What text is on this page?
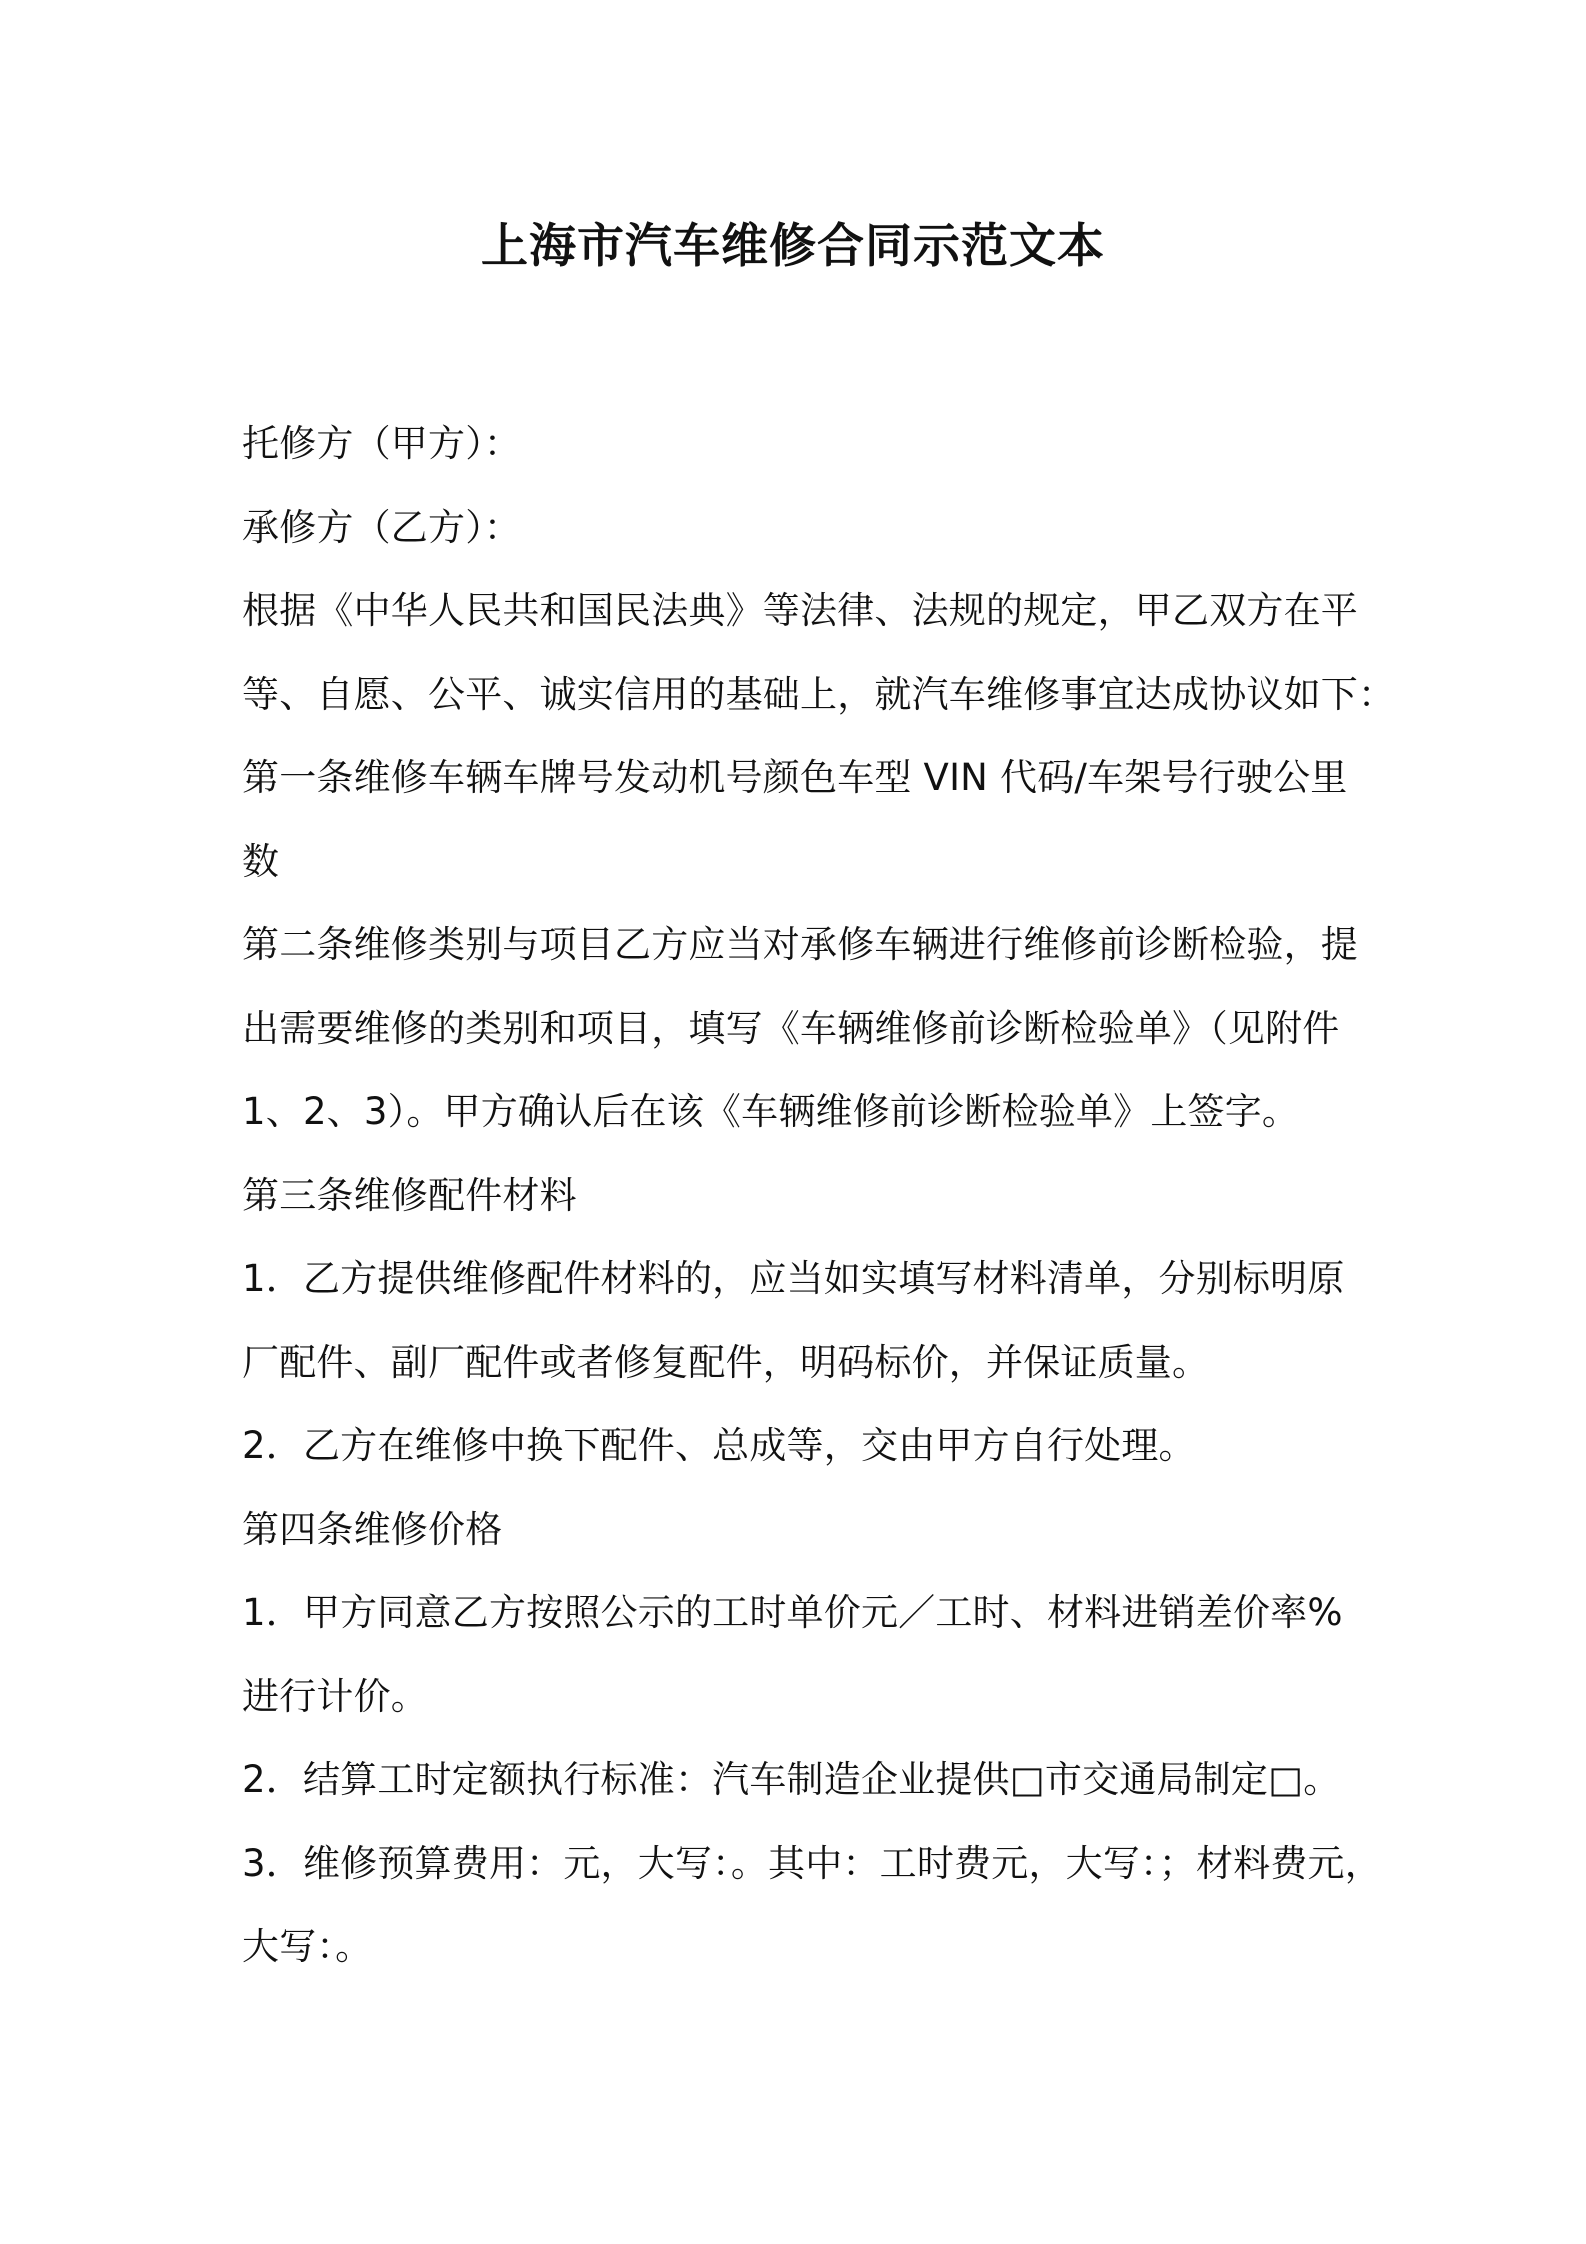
上海市汽车维修合同示范文本
托修方（甲方）：
承修方（乙方）：
根据《中华人民共和国民法典》等法律、法规的规定，甲乙双方在平
等、自愿、公平、诚实信用的基础上，就汽车维修事宜达成协议如下：
第一条维修车辆车牌号发动机号颜色车型 VIN 代码/车架号行驶公里
数
第二条维修类别与项目乙方应当对承修车辆进行维修前诊断检验，提
出需要维修的类别和项目，填写《车辆维修前诊断检验单》（见附件
1、2、3）。甲方确认后在该《车辆维修前诊断检验单》上签字。
第三条维修配件材料
1．乙方提供维修配件材料的，应当如实填写材料清单，分别标明原
厂配件、副厂配件或者修复配件，明码标价，并保证质量。
2．乙方在维修中换下配件、总成等，交由甲方自行处理。
第四条维修价格
1．甲方同意乙方按照公示的工时单价元／工时、材料进销差价率%
进行计价。
2．结算工时定额执行标准：汽车制造企业提供□市交通局制定□。
3．维修预算费用：元，大写：。其中：工时费元，大写：；材料费元，
大写：。
